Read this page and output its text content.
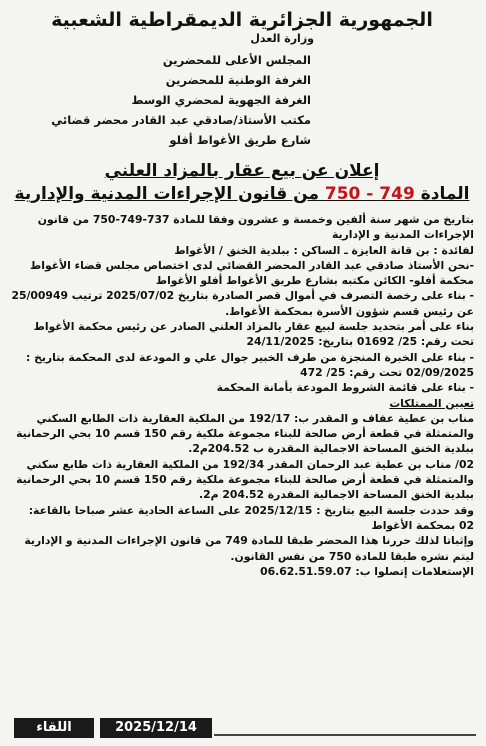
الجمهورية الجزائرية الديمقراطية الشعبية
وزارة العدل
المجلس الأعلى للمحضرين
الغرفة الوطنية للمحضرين
الغرفة الجهوية لمحضري الوسط
مكتب الأستاذ/صادقي عبد القادر محضر قضائي
شارع طريق الأغواط أفلو
إعلان عن بيع عقار بالمزاد العلني
المادة 749 - 750 من قانون الإجراءات المدنية والإدارية

بتاريخ من شهر سنة ألفين وخمسة و عشرون وفقا للمادة 737-749-750 من قانون الإجراءات المدنية و الإدارية

لفائدة : بن قانة العايزة ـ الساكن : ببلدية الخنق / الأغواط

-نحن الأستاذ صادقي عبد القادر المحضر القضائي لدى اختصاص مجلس قضاء الأغواط محكمة أفلو- الكائن مكتبه بشارع طريق الأغواط أفلو الأغواط

- بناء على رخصة التصرف في أموال قصر الصادرة بتاريخ 2025/07/02 ترتيب 25/00949 عن رئيس قسم شؤون الأسرة بمحكمة الأغواط.

بناء على أمر بتحديد جلسة لبيع عقار بالمزاد العلني الصادر عن رئيس محكمة الأغواط تحت رقم: 25/ 01692 بتاريخ: 24/11/2025

- بناء على الخبرة المنجزة من طرف الخبير جوال علي و المودعة لدى المحكمة بتاريخ : 02/09/2025 تحت رقم: 25/ 472

- بناء على قائمة الشروط المودعة بأمانة المحكمة

تعيين الممتلكات

مناب بن عطية عفاف و المقدر ب: 192/17 من الملكية العقارية ذات الطابع السكني والمتمثلة في قطعة أرض صالحة للبناء مجموعة ملكية رقم 150 قسم 10 بحي الرحمانية ببلدية الخنق المساحة الاجمالية المقدرة ب 204.52م2.

02/ مناب بن عطية عبد الرحمان المقدر 192/34 من الملكية العقارية ذات طابع سكني والمتمثلة في قطعة أرض صالحة للبناء مجموعة ملكية رقم 150 قسم 10 بحي الرحمانية ببلدية الخنق المساحة الاجمالية المقدرة 204.52 م2.

وقد حددت جلسة البيع بتاريخ : 2025/12/15 على الساعة الحادية عشر صباحا بالقاعة: 02 بمحكمة الأغواط

وإثباتا لذلك حررنا هذا المحضر طبقا للمادة 749 من قانون الإجراءات المدنية و الإدارية ليتم نشره طبقا للمادة 750 من نفس القانون.

الإستعلامات إتصلوا ب: 06.62.51.59.07

2025/12/14
اللقاء
